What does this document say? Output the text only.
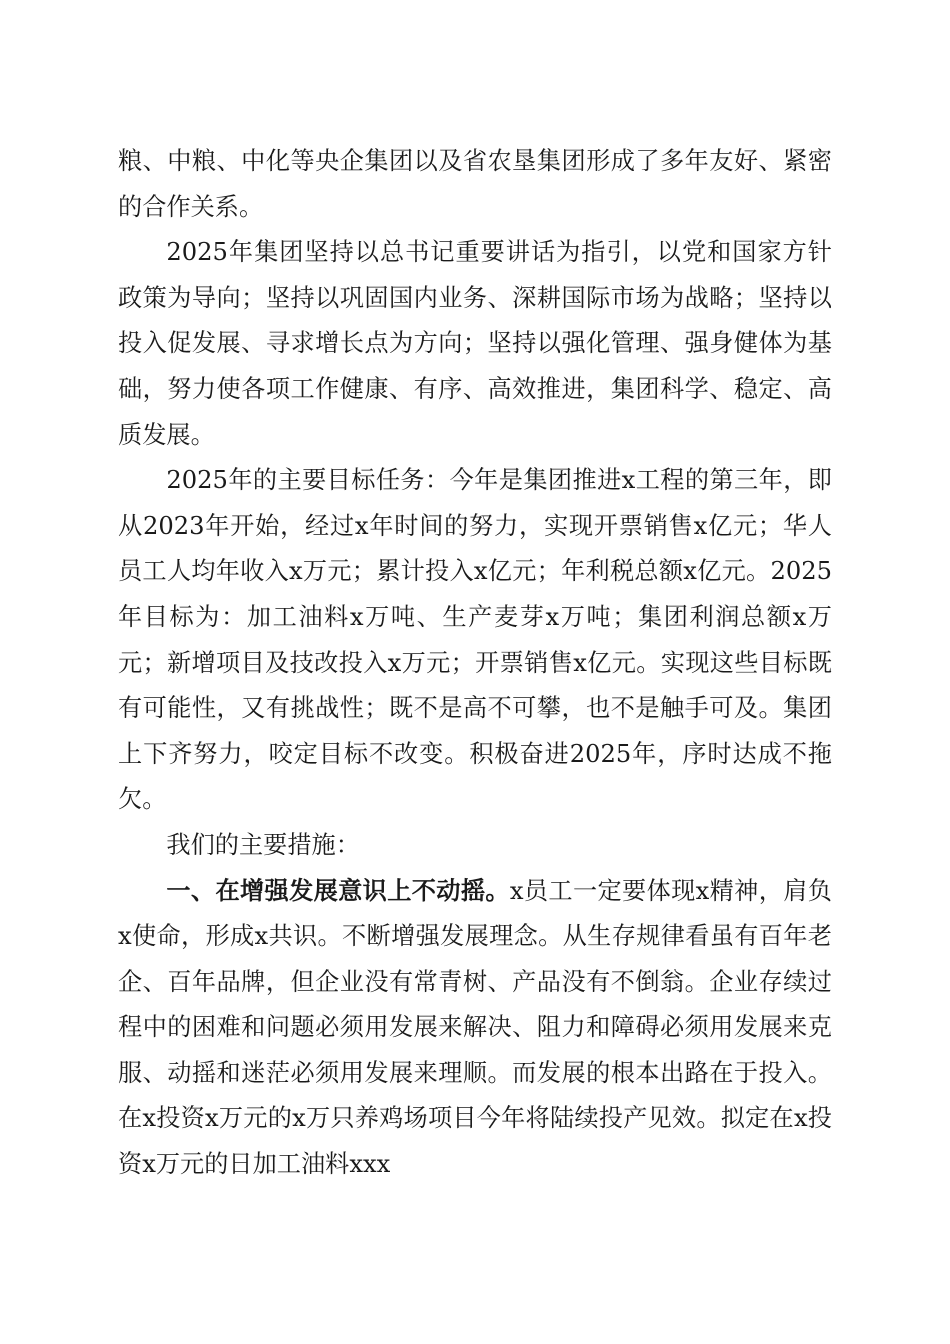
粮、中粮、中化等央企集团以及省农垦集团形成了多年友好、紧密的合作关系。

2025年集团坚持以总书记重要讲话为指引，以党和国家方针政策为导向；坚持以巩固国内业务、深耕国际市场为战略；坚持以投入促发展、寻求增长点为方向；坚持以强化管理、强身健体为基础，努力使各项工作健康、有序、高效推进，集团科学、稳定、高质发展。

2025年的主要目标任务：今年是集团推进x工程的第三年，即从2023年开始，经过x年时间的努力，实现开票销售x亿元；华人员工人均年收入x万元；累计投入x亿元；年利税总额x亿元。2025年目标为：加工油料x万吨、生产麦芽x万吨；集团利润总额x万元；新增项目及技改投入x万元；开票销售x亿元。实现这些目标既有可能性，又有挑战性；既不是高不可攀，也不是触手可及。集团上下齐努力，咬定目标不改变。积极奋进2025年，序时达成不拖欠。

我们的主要措施：

一、在增强发展意识上不动摇。x员工一定要体现x精神，肩负x使命，形成x共识。不断增强发展理念。从生存规律看虽有百年老企、百年品牌，但企业没有常青树、产品没有不倒翁。企业存续过程中的困难和问题必须用发展来解决、阻力和障碍必须用发展来克服、动摇和迷茫必须用发展来理顺。而发展的根本出路在于投入。在x投资x万元的x万只养鸡场项目今年将陆续投产见效。拟定在x投资x万元的日加工油料xxx
